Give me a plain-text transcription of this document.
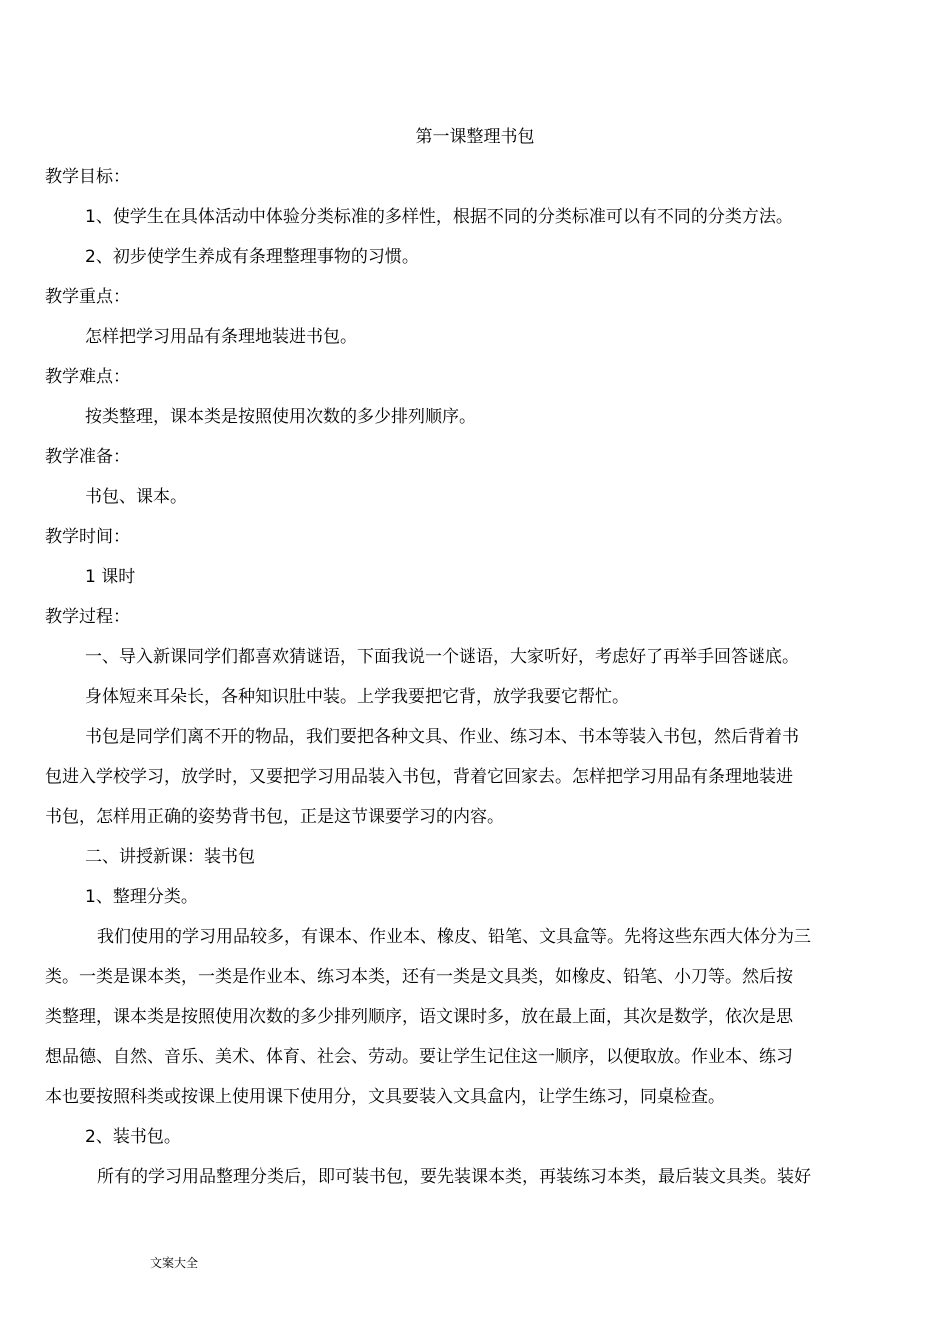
第一课整理书包
教学目标：
1、使学生在具体活动中体验分类标准的多样性，根据不同的分类标准可以有不同的分类方法。
2、初步使学生养成有条理整理事物的习惯。
教学重点：
怎样把学习用品有条理地装进书包。
教学难点：
按类整理，课本类是按照使用次数的多少排列顺序。
教学准备：
书包、课本。
教学时间：
1 课时
教学过程：
一、导入新课同学们都喜欢猜谜语，下面我说一个谜语，大家听好，考虑好了再举手回答谜底。
身体短来耳朵长，各种知识肚中装。上学我要把它背，放学我要它帮忙。
书包是同学们离不开的物品，我们要把各种文具、作业、练习本、书本等装入书包，然后背着书
包进入学校学习，放学时，又要把学习用品装入书包，背着它回家去。怎样把学习用品有条理地装进
书包，怎样用正确的姿势背书包，正是这节课要学习的内容。
二、讲授新课：装书包
1、整理分类。
我们使用的学习用品较多，有课本、作业本、橡皮、铅笔、文具盒等。先将这些东西大体分为三
类。一类是课本类，一类是作业本、练习本类，还有一类是文具类，如橡皮、铅笔、小刀等。然后按
类整理，课本类是按照使用次数的多少排列顺序，语文课时多，放在最上面，其次是数学，依次是思
想品德、自然、音乐、美术、体育、社会、劳动。要让学生记住这一顺序，以便取放。作业本、练习
本也要按照科类或按课上使用课下使用分，文具要装入文具盒内，让学生练习，同桌检查。
2、装书包。
所有的学习用品整理分类后，即可装书包，要先装课本类，再装练习本类，最后装文具类。装好
文案大全
